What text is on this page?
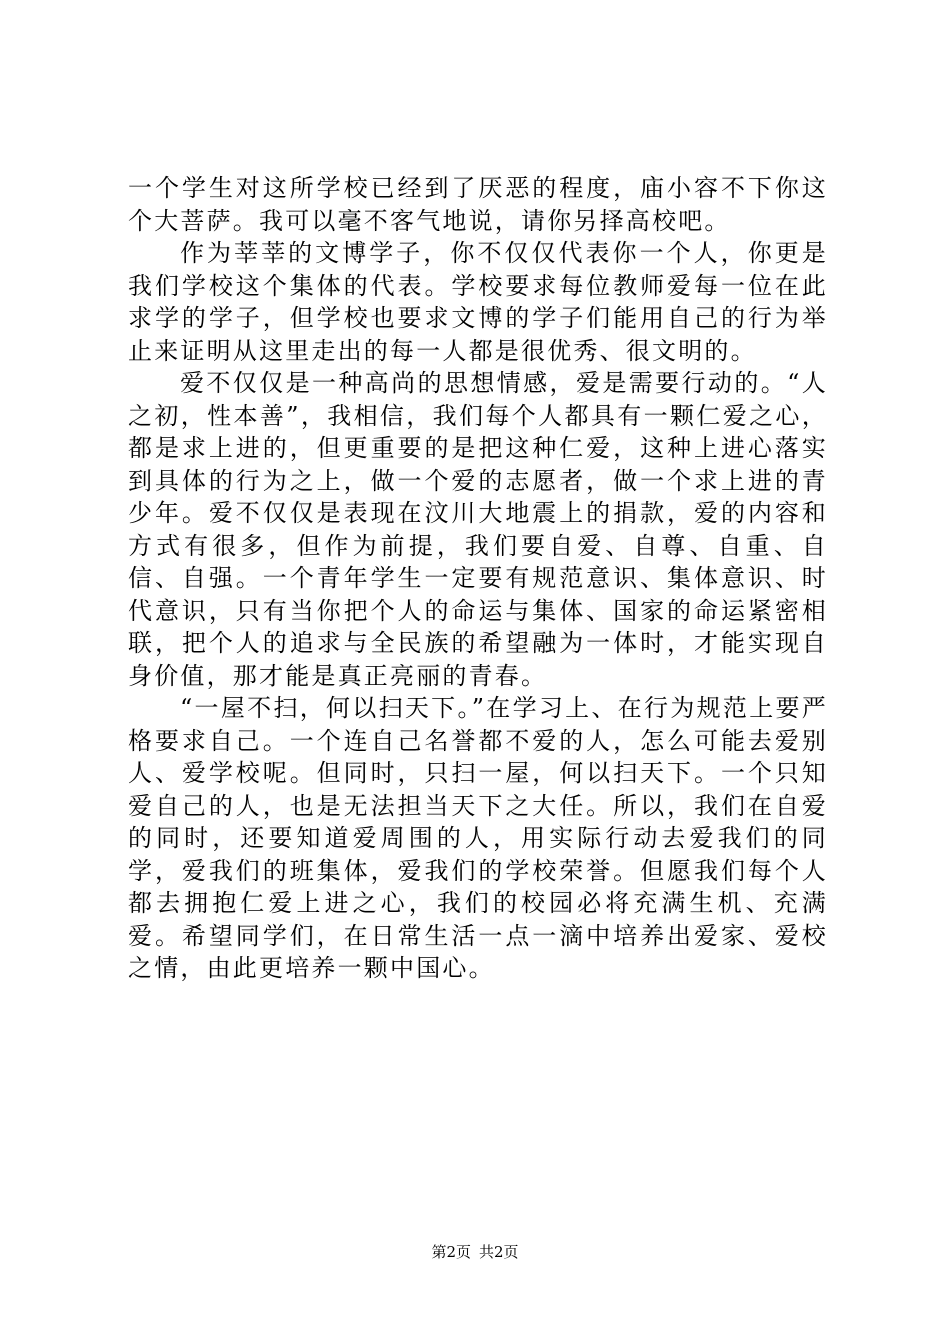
一个学生对这所学校已经到了厌恶的程度，庙小容不下你这个大菩萨。我可以毫不客气地说，请你另择高校吧。

作为莘莘的文博学子，你不仅仅代表你一个人，你更是我们学校这个集体的代表。学校要求每位教师爱每一位在此求学的学子，但学校也要求文博的学子们能用自己的行为举止来证明从这里走出的每一人都是很优秀、很文明的。

爱不仅仅是一种高尚的思想情感，爱是需要行动的。“人之初，性本善”，我相信，我们每个人都具有一颗仁爱之心，都是求上进的，但更重要的是把这种仁爱，这种上进心落实到具体的行为之上，做一个爱的志愿者，做一个求上进的青少年。爱不仅仅是表现在汶川大地震上的捐款，爱的内容和方式有很多，但作为前提，我们要自爱、自尊、自重、自信、自强。一个青年学生一定要有规范意识、集体意识、时代意识，只有当你把个人的命运与集体、国家的命运紧密相联，把个人的追求与全民族的希望融为一体时，才能实现自身价值，那才能是真正亮丽的青春。

“一屋不扫，何以扫天下。”在学习上、在行为规范上要严格要求自己。一个连自己名誉都不爱的人，怎么可能去爱别人、爱学校呢。但同时，只扫一屋，何以扫天下。一个只知爱自己的人，也是无法担当天下之大任。所以，我们在自爱的同时，还要知道爱周围的人，用实际行动去爱我们的同学，爱我们的班集体，爱我们的学校荣誉。但愿我们每个人都去拥抱仁爱上进之心，我们的校园必将充满生机、充满爱。希望同学们，在日常生活一点一滴中培养出爱家、爱校之情，由此更培养一颗中国心。

第2页 共2页
